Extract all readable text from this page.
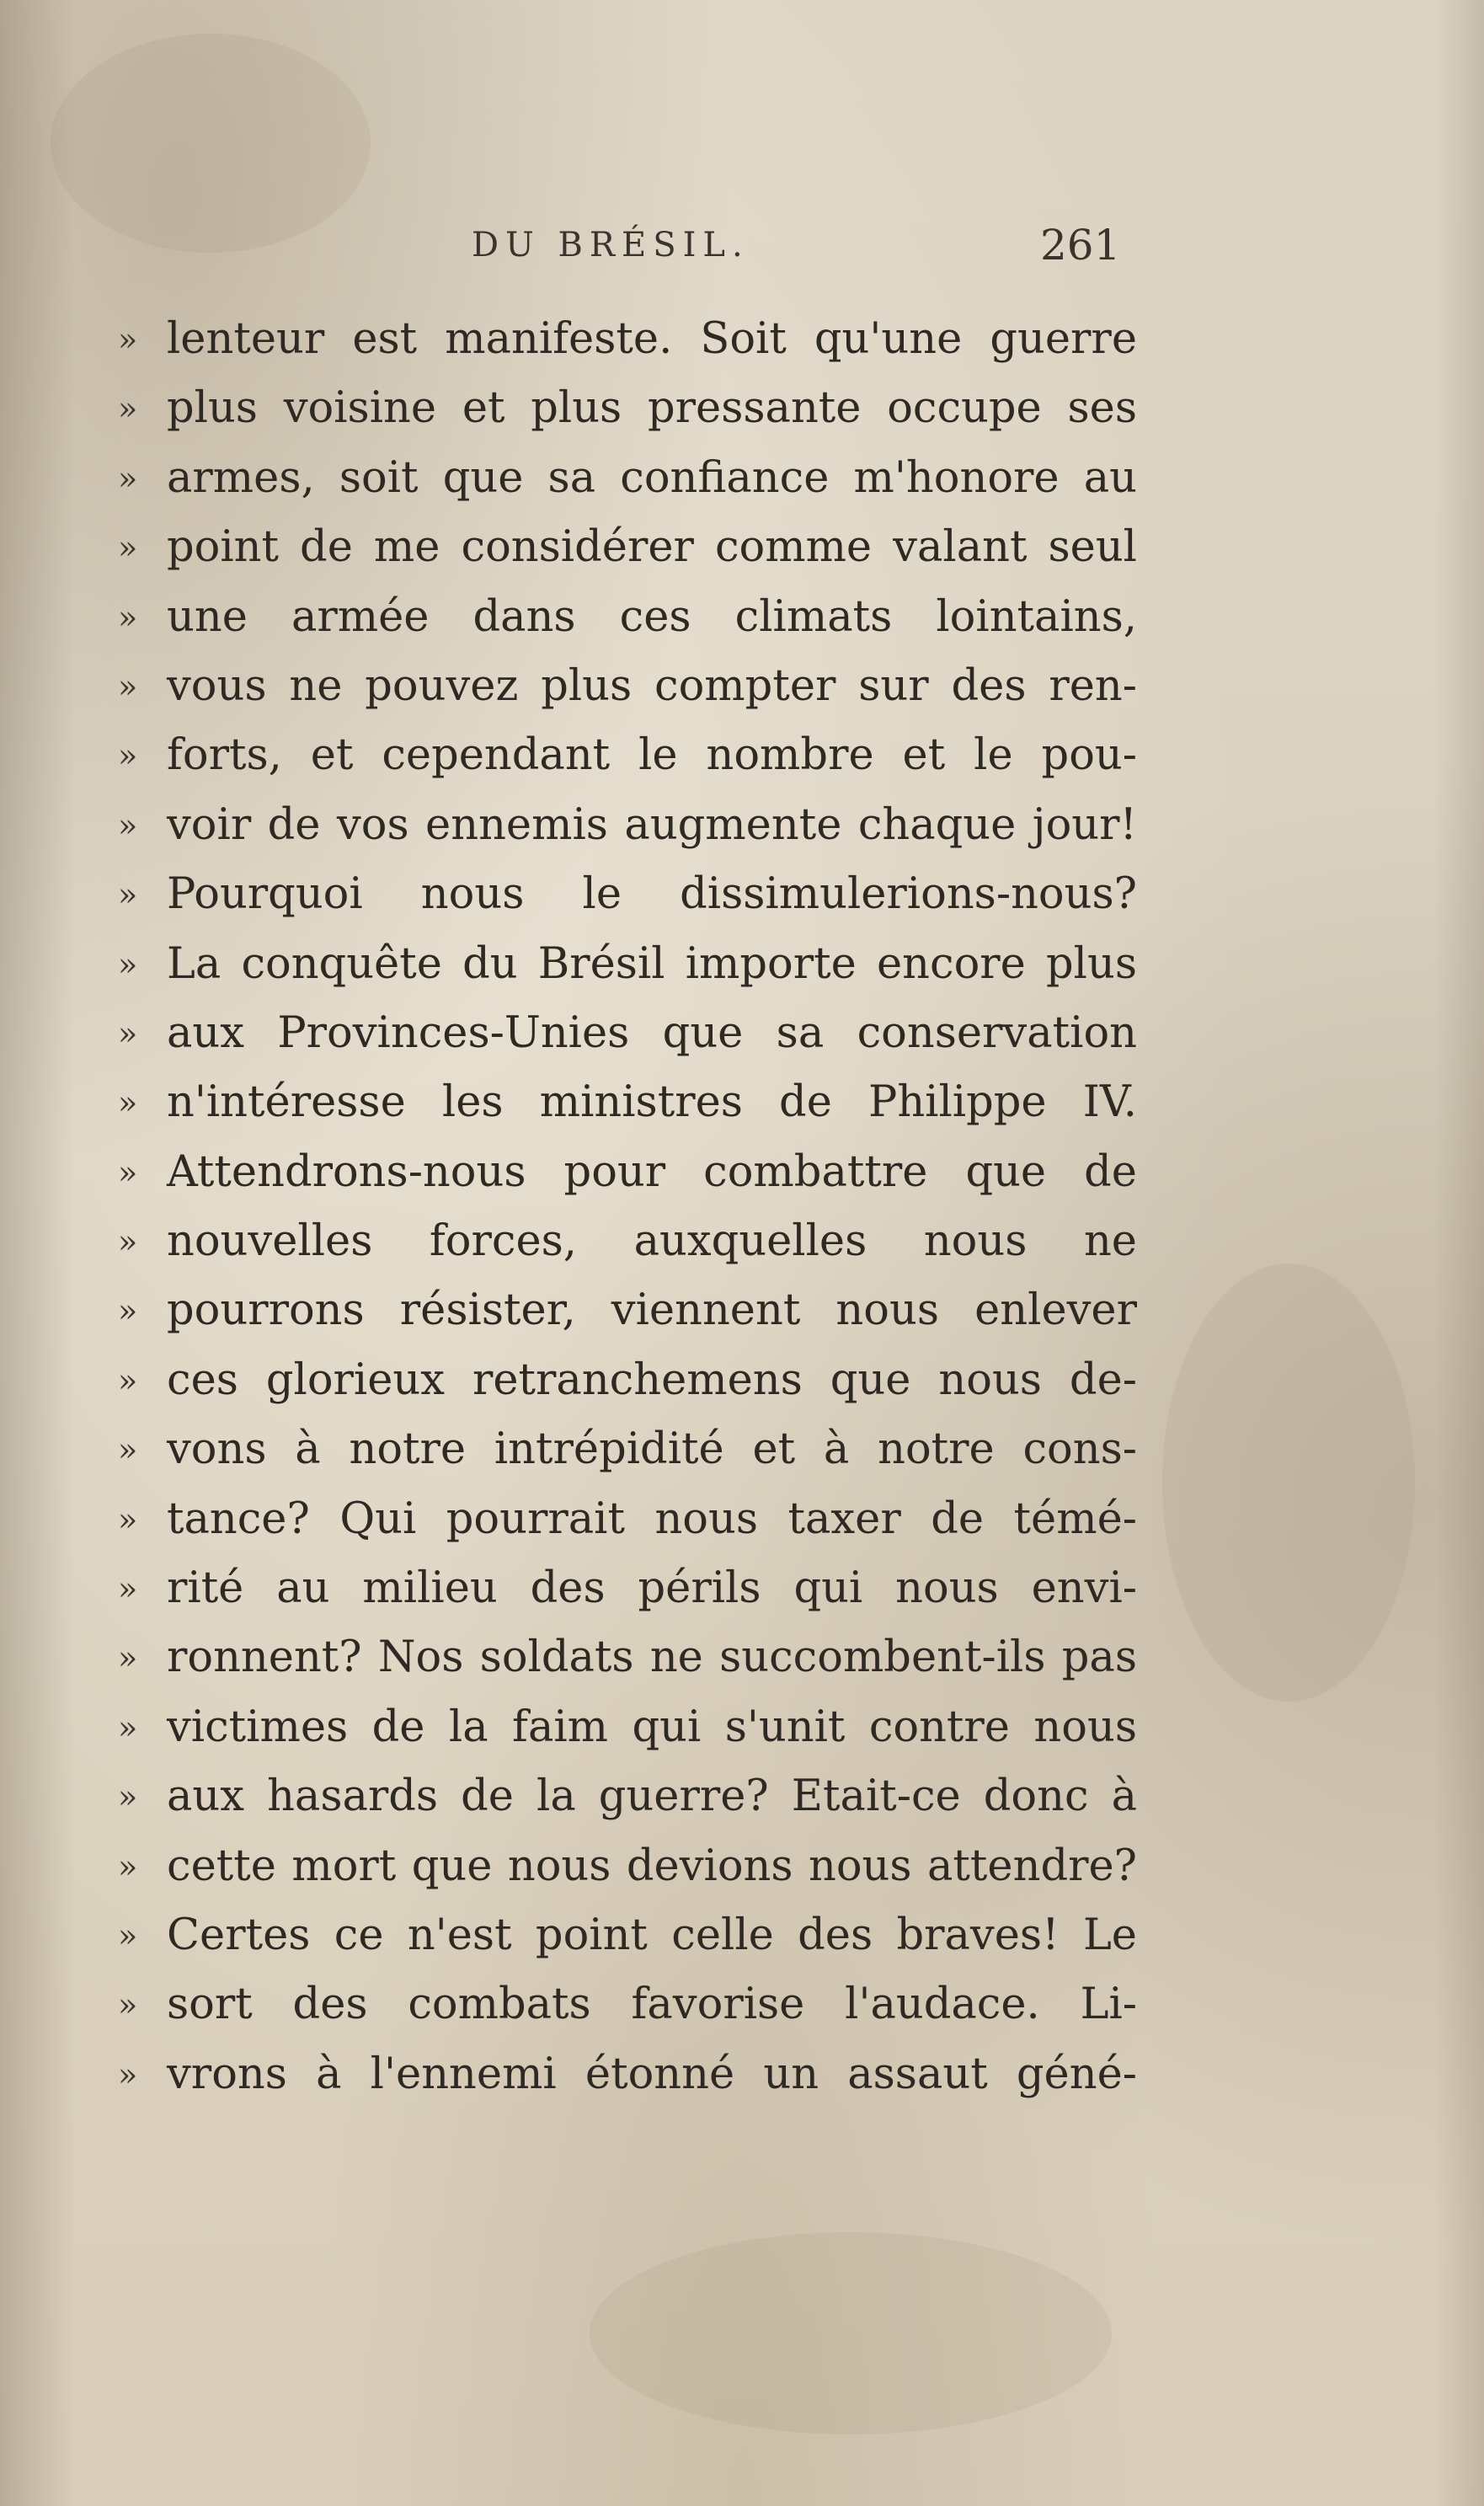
DU BRÉSIL.	261
» lenteur est manifeste. Soit qu'une guerre
» plus voisine et plus pressante occupe ses
» armes, soit que sa confiance m'honore au
» point de me considérer comme valant seul
» une armée dans ces climats lointains,
» vous ne pouvez plus compter sur des ren-
» forts, et cependant le nombre et le pou-
» voir de vos ennemis augmente chaque jour!
» Pourquoi nous le dissimulerions-nous?
» La conquête du Brésil importe encore plus
» aux Provinces-Unies que sa conservation
» n'intéresse les ministres de Philippe IV.
» Attendrons-nous pour combattre que de
» nouvelles forces, auxquelles nous ne
» pourrons résister, viennent nous enlever
» ces glorieux retranchemens que nous de-
» vons à notre intrépidité et à notre cons-
» tance? Qui pourrait nous taxer de témé-
» rité au milieu des périls qui nous envi-
» ronnent? Nos soldats ne succombent-ils pas
» victimes de la faim qui s'unit contre nous
» aux hasards de la guerre? Etait-ce donc à
» cette mort que nous devions nous attendre?
» Certes ce n'est point celle des braves! Le
» sort des combats favorise l'audace. Li-
» vrons à l'ennemi étonné un assaut géné-
